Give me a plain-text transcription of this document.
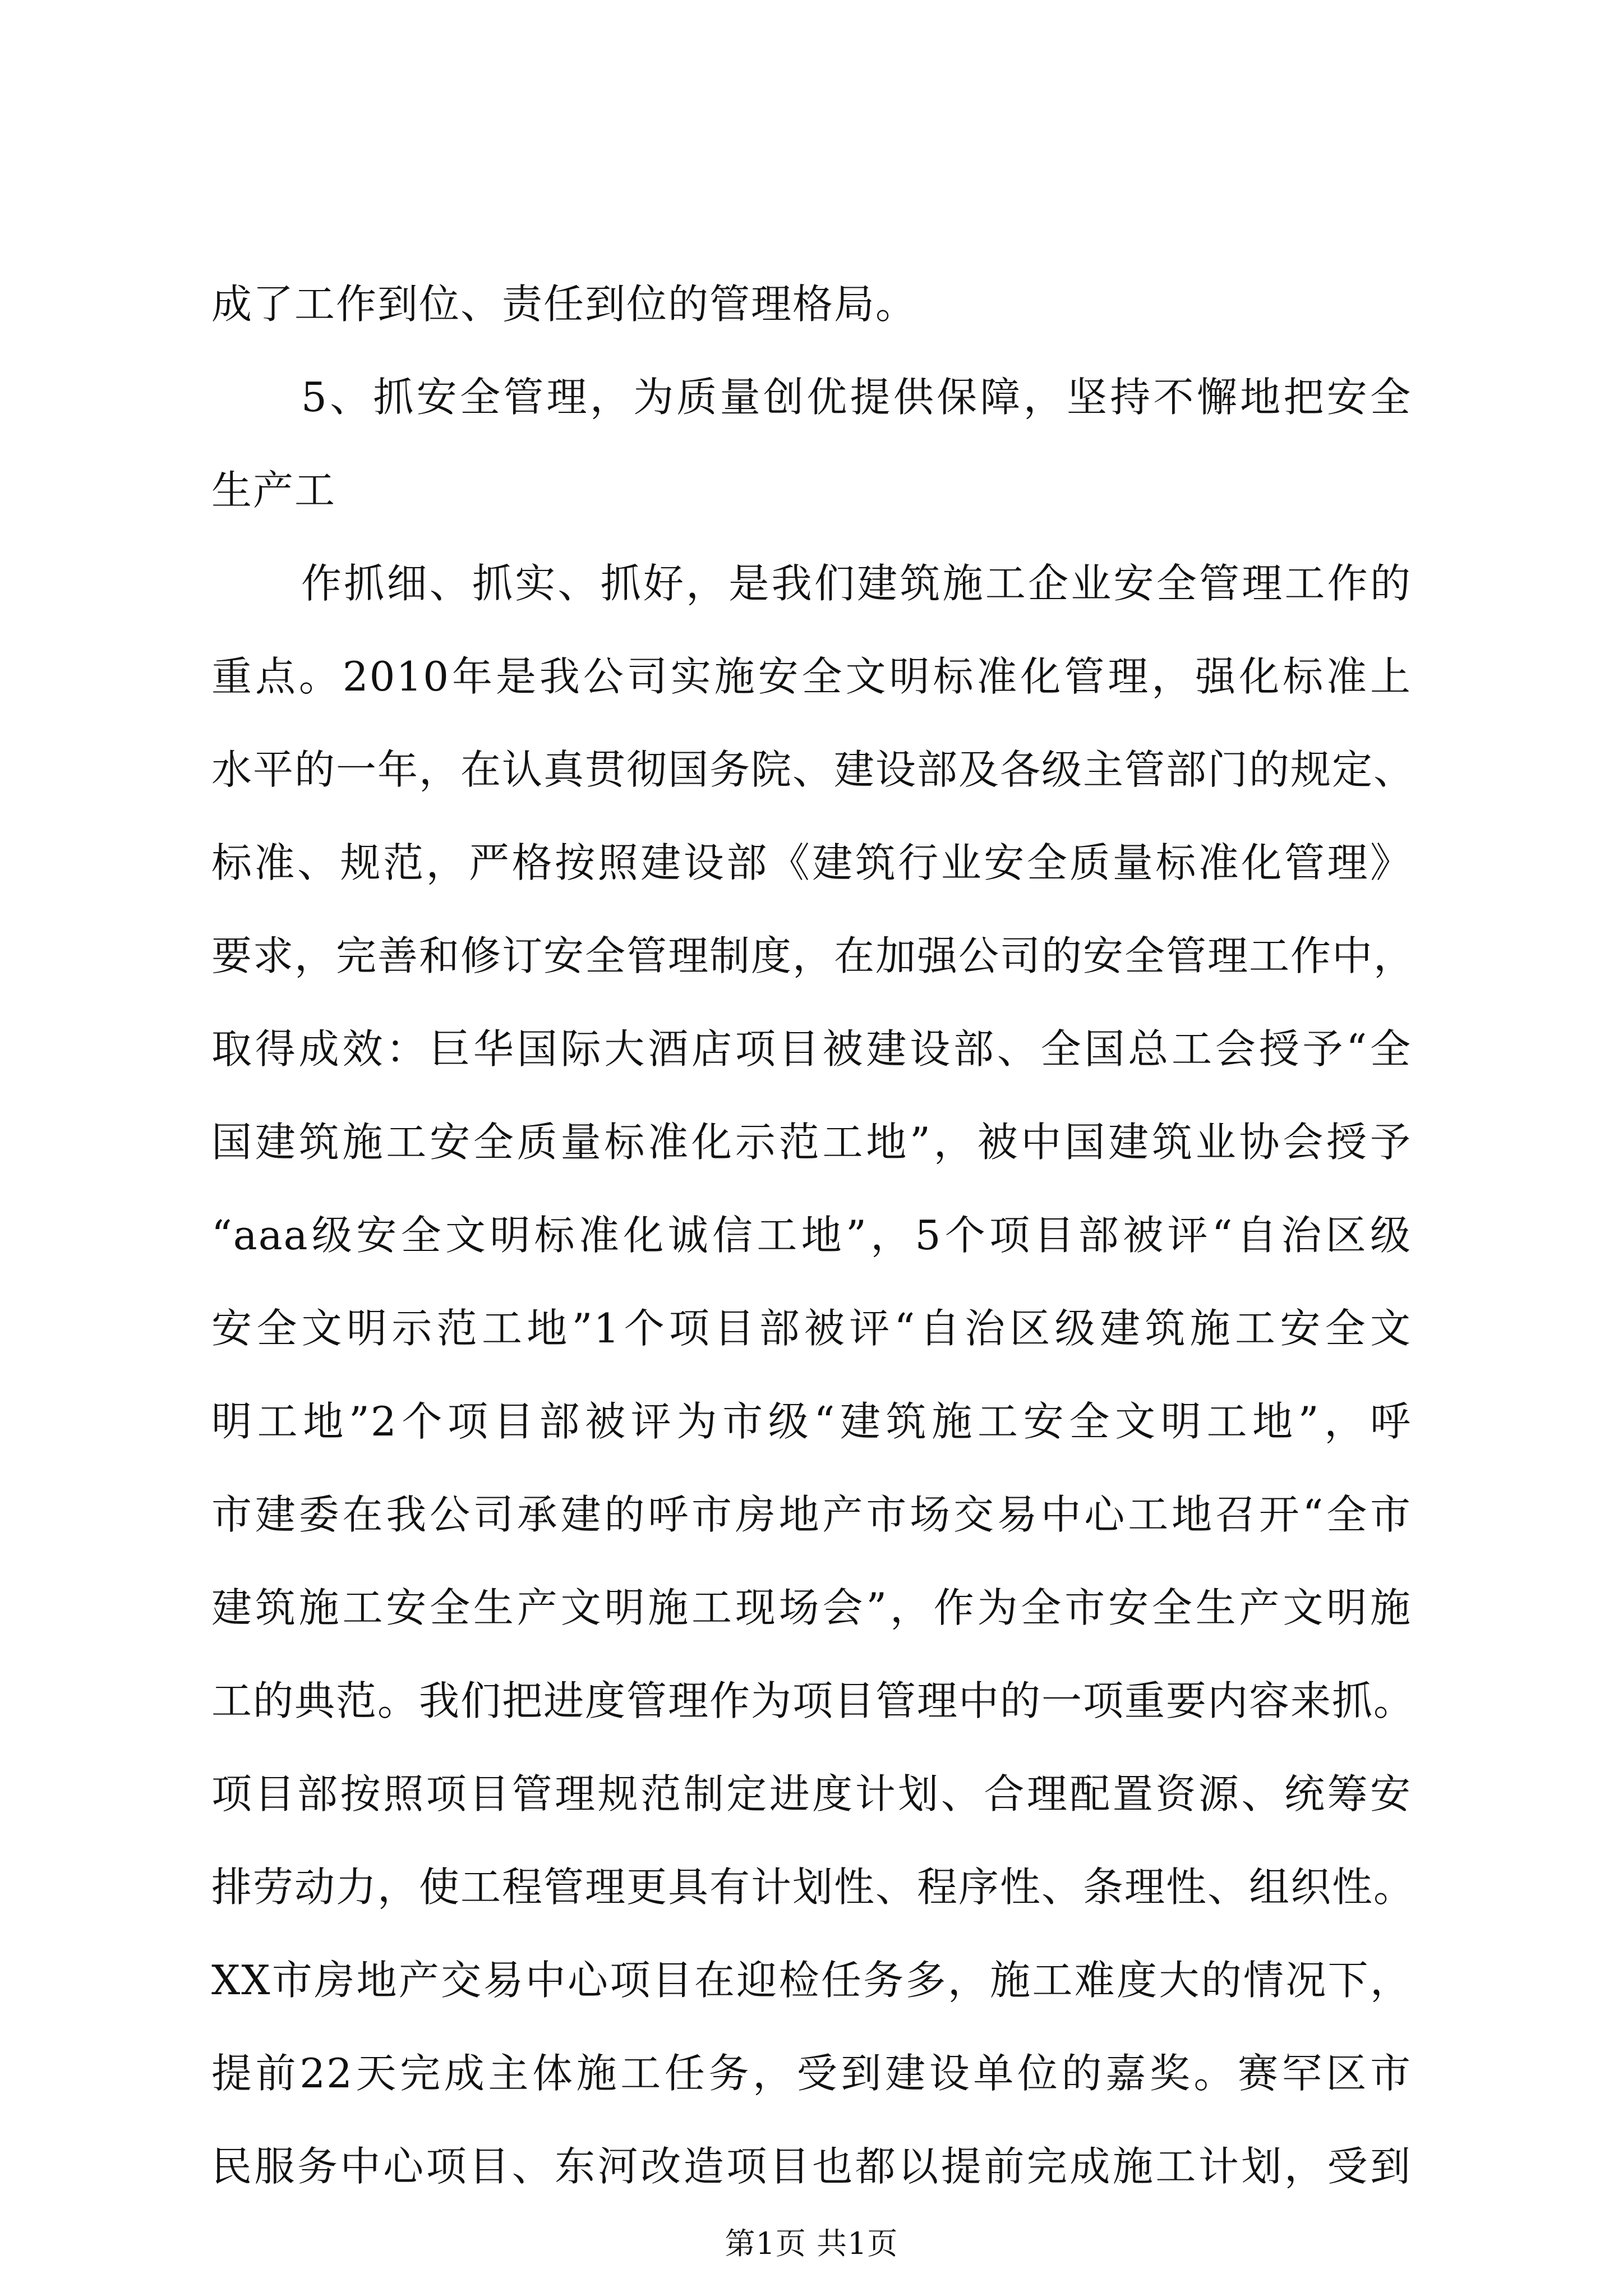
成了工作到位、责任到位的管理格局。
5、抓安全管理，为质量创优提供保障，坚持不懈地把安全
生产工
作抓细、抓实、抓好，是我们建筑施工企业安全管理工作的
重点。2010年是我公司实施安全文明标准化管理，强化标准上
水平的一年，在认真贯彻国务院、建设部及各级主管部门的规定、
标准、规范，严格按照建设部《建筑行业安全质量标准化管理》
要求，完善和修订安全管理制度，在加强公司的安全管理工作中，
取得成效：巨华国际大酒店项目被建设部、全国总工会授予“全
国建筑施工安全质量标准化示范工地”，被中国建筑业协会授予
“aaa级安全文明标准化诚信工地”，5个项目部被评“自治区级
安全文明示范工地”1个项目部被评“自治区级建筑施工安全文
明工地”2个项目部被评为市级“建筑施工安全文明工地”，呼
市建委在我公司承建的呼市房地产市场交易中心工地召开“全市
建筑施工安全生产文明施工现场会”，作为全市安全生产文明施
工的典范。我们把进度管理作为项目管理中的一项重要内容来抓。
项目部按照项目管理规范制定进度计划、合理配置资源、统筹安
排劳动力，使工程管理更具有计划性、程序性、条理性、组织性。
XX市房地产交易中心项目在迎检任务多，施工难度大的情况下，
提前22天完成主体施工任务，受到建设单位的嘉奖。赛罕区市
民服务中心项目、东河改造项目也都以提前完成施工计划，受到
第1页 共1页
